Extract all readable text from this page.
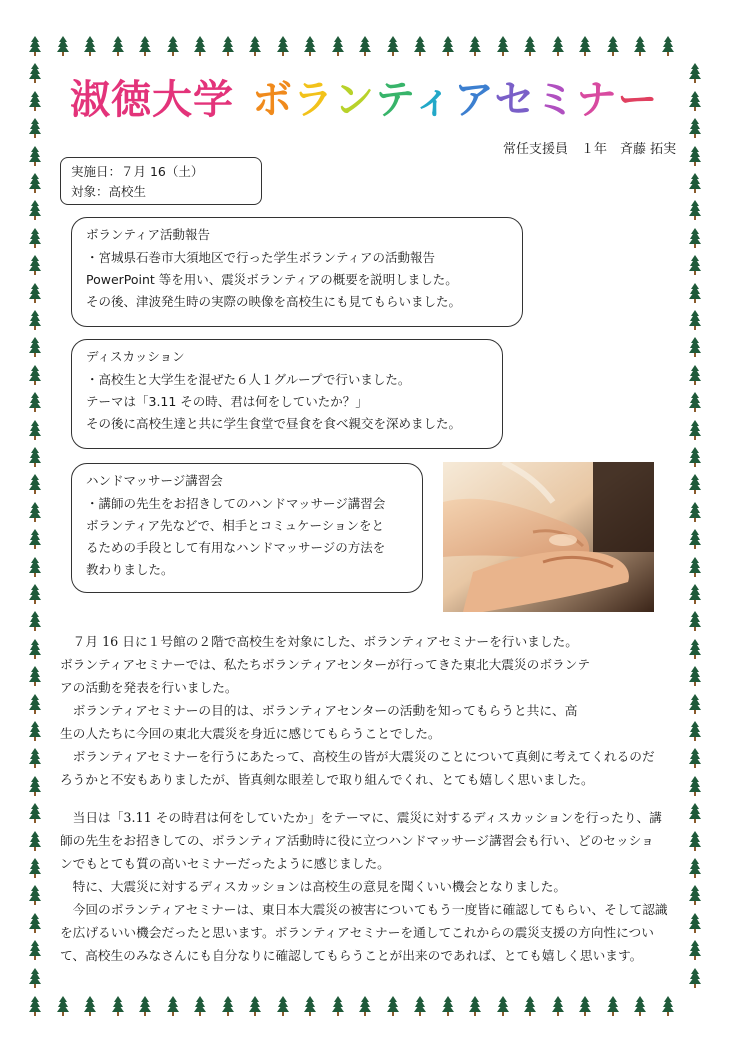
淑徳大学 ボランティアセミナー
常任支援員　１年　斉藤 拓実
実施日：７月 16（土）
対象：高校生
ボランティア活動報告
・宮城県石巻市大須地区で行った学生ボランティアの活動報告
PowerPoint 等を用い、震災ボランティアの概要を説明しました。
その後、津波発生時の実際の映像を高校生にも見てもらいました。
ディスカッション
・高校生と大学生を混ぜた６人１グループで行いました。
テーマは「3.11 その時、君は何をしていたか？」
その後に高校生達と共に学生食堂で昼食を食べ親交を深めました。
ハンドマッサージ講習会
・講師の先生をお招きしてのハンドマッサージ講習会
ボランティア先などで、相手とコミュケーションをと
るための手段として有用なハンドマッサージの方法を
教わりました。

　７月 16 日に１号館の２階で高校生を対象にした、ボランティアセミナーを行いました。

ボランティアセミナーでは、私たちボランティアセンターが行ってきた東北大震災のボランテ

アの活動を発表を行いました。

　ボランティアセミナーの目的は、ボランティアセンターの活動を知ってもらうと共に、高

生の人たちに今回の東北大震災を身近に感じてもらうことでした。

　ボランティアセミナーを行うにあたって、高校生の皆が大震災のことについて真剣に考えてくれるのだ

ろうかと不安もありましたが、皆真剣な眼差しで取り組んでくれ、とても嬉しく思いました。

　当日は「3.11 その時君は何をしていたか」をテーマに、震災に対するディスカッションを行ったり、講

師の先生をお招きしての、ボランティア活動時に役に立つハンドマッサージ講習会も行い、どのセッショ

ンでもとても質の高いセミナーだったように感じました。

　特に、大震災に対するディスカッションは高校生の意見を聞くいい機会となりました。

　今回のボランティアセミナーは、東日本大震災の被害についてもう一度皆に確認してもらい、そして認識

を広げるいい機会だったと思います。ボランティアセミナーを通してこれからの震災支援の方向性につい

て、高校生のみなさんにも自分なりに確認してもらうことが出来のであれば、とても嬉しく思います。
